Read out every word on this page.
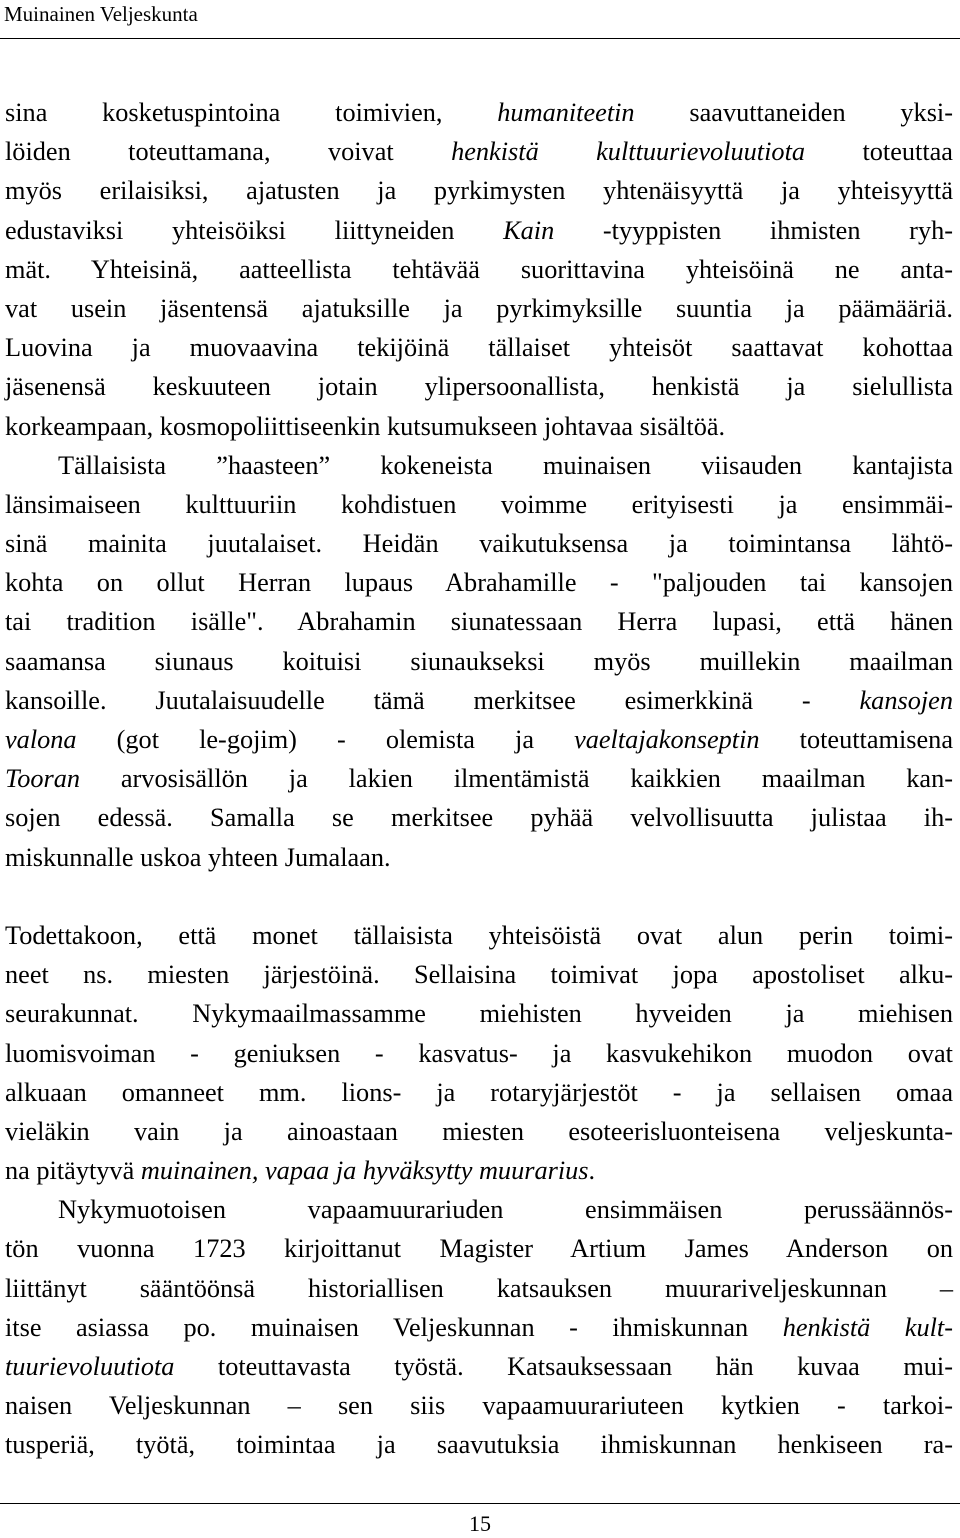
Muinainen Veljeskunta
sina kosketuspintoina toimivien, humaniteetin saavuttaneiden yksi-
löiden toteuttamana, voivat henkistä kulttuurievoluutiota toteuttaa
myös erilaisiksi, ajatusten ja pyrkimysten yhtenäisyyttä ja yhteisyyttä
edustaviksi yhteisöiksi liittyneiden Kain -tyyppisten ihmisten ryh-
mät. Yhteisinä, aatteellista tehtävää suorittavina yhteisöinä ne anta-
vat usein jäsentensä ajatuksille ja pyrkimyksille suuntia ja päämääriä.
Luovina ja muovaavina tekijöinä tällaiset yhteisöt saattavat kohottaa
jäsenensä keskuuteen jotain ylipersoonallista, henkistä ja sielullista
korkeampaan, kosmopoliittiseenkin kutsumukseen johtavaa sisältöä.
Tällaisista ”haasteen” kokeneista muinaisen viisauden kantajista
länsimaiseen kulttuuriin kohdistuen voimme erityisesti ja ensimmäi-
sinä mainita juutalaiset. Heidän vaikutuksensa ja toimintansa lähtö-
kohta on ollut Herran lupaus Abrahamille - "paljouden tai kansojen
tai tradition isälle". Abrahamin siunatessaan Herra lupasi, että hänen
saamansa siunaus koituisi siunaukseksi myös muillekin maailman
kansoille. Juutalaisuudelle tämä merkitsee esimerkkinä - kansojen
valona (got le-gojim) - olemista ja vaeltajakonseptin toteuttamisena
Tooran arvosisällön ja lakien ilmentämistä kaikkien maailman kan-
sojen edessä. Samalla se merkitsee pyhää velvollisuutta julistaa ih-
miskunnalle uskoa yhteen Jumalaan.
Todettakoon, että monet tällaisista yhteisöistä ovat alun perin toimi-
neet ns. miesten järjestöinä. Sellaisina toimivat jopa apostoliset alku-
seurakunnat. Nykymaailmassamme miehisten hyveiden ja miehisen
luomisvoiman - geniuksen - kasvatus- ja kasvukehikon muodon ovat
alkuaan omanneet mm. lions- ja rotaryjärjestöt - ja sellaisen omaa
vieläkin vain ja ainoastaan miesten esoteerisluonteisena veljeskunta-
na pitäytyvä muinainen, vapaa ja hyväksytty muurarius.
Nykymuotoisen vapaamuurariuden ensimmäisen perussäännös-
tön vuonna 1723 kirjoittanut Magister Artium James Anderson on
liittänyt sääntöönsä historiallisen katsauksen muurariveljeskunnan –
itse asiassa po. muinaisen Veljeskunnan - ihmiskunnan henkistä kult-
tuurievoluutiota toteuttavasta työstä. Katsauksessaan hän kuvaa mui-
naisen Veljeskunnan – sen siis vapaamuurariuteen kytkien - tarkoi-
tusperiä, työtä, toimintaa ja saavutuksia ihmiskunnan henkiseen ra-
15
